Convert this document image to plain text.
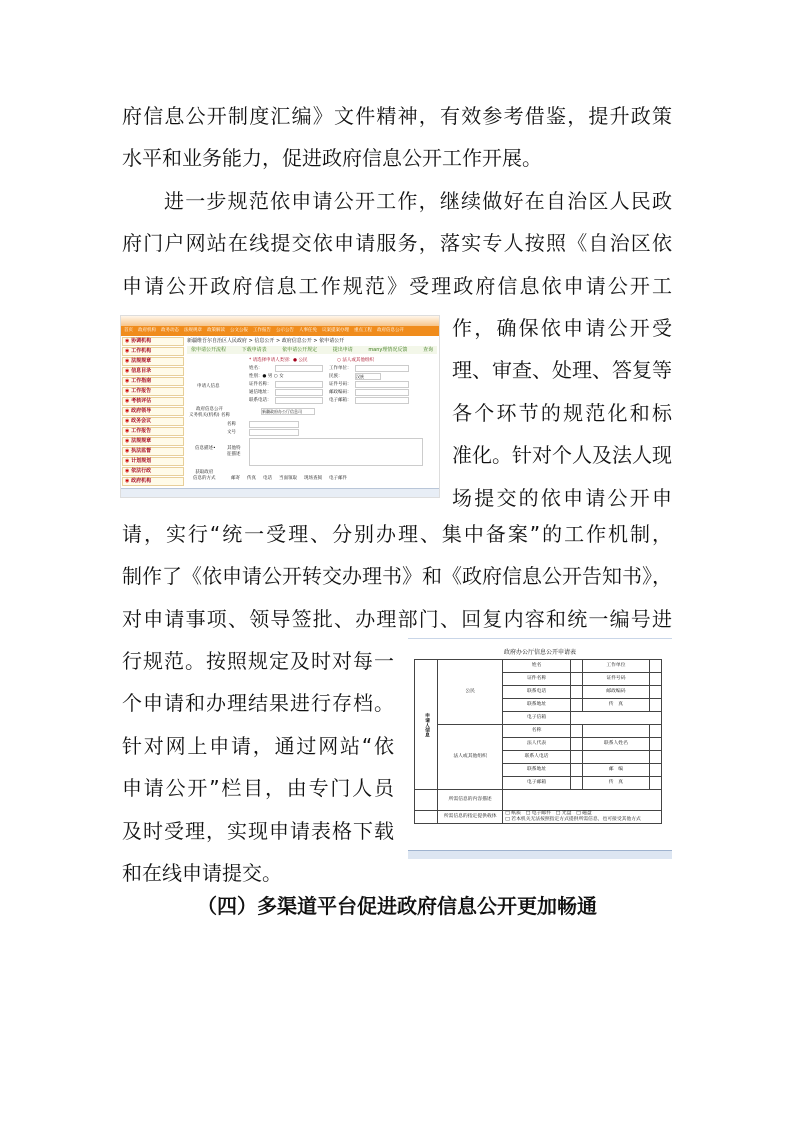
府信息公开制度汇编》文件精神，有效参考借鉴，提升政策
水平和业务能力，促进政府信息公开工作开展。
进一步规范依申请公开工作，继续做好在自治区人民政
府门户网站在线提交依申请服务，落实专人按照《自治区依
申请公开政府信息工作规范》受理政府信息依申请公开工
作，确保依申请公开受
理、审查、处理、答复等
各个环节的规范化和标
准化。针对个人及法人现
场提交的依申请公开申
请，实行“统一受理、分别办理、集中备案”的工作机制，
制作了《依申请公开转交办理书》和《政府信息公开告知书》，
对申请事项、领导签批、办理部门、回复内容和统一编号进
行规范。按照规定及时对每一
个申请和办理结果进行存档。
针对网上申请，通过网站“依
申请公开”栏目，由专门人员
及时受理，实现申请表格下载
和在线申请提交。
（四）多渠道平台促进政府信息公开更加畅通
首页 政府机构 政务动态 法规规章 政策解读 公文公报 工作报告 公示公告 人事任免 议案提案办理 重点工程 政府信息公开
◉ 协调机构
◉ 工作机构
◉ 法规规章
◉ 信息目录
◉ 工作指南
◉ 工作报告
◉ 考核评估
◉ 政府领导
◉ 政务会议
◉ 工作报告
◉ 法规规章
◉ 执法监督
◉ 计划规划
◉ 依法行政
◉ 政府机构
新疆维吾尔自治区人民政府 > 信息公开 > 政府信息公开 > 依申请公开
依申请公开流程	下载申请表	依申请公开规定	提出申请	many理情况反馈	查询
* 请选择申请人类别：● 公民	○ 法人或其他组织
申请人信息
姓名：	工作单位：
性别：● 男 ○ 女	民族：	汉族
证件名称：	证件号码：
通信地址：	邮政编码：
联系电话：	电子邮箱：
政府信息公开
义务机关(机构) 名称
新疆政府办公厅信息司
名称
文号
信息描述•	其他特
征描述
获取政府
信息的方式	邮寄 传真 电话 当面领取 现场查阅 电子邮件
政府办公厅信息公开申请表
申请人信息	公民	姓名		工作单位	
		证件名称		证件号码	
		联系电话		邮政编码	
		联系地址		传　真	
		电子信箱			
	法人或其他组织	名称			
		法人代表		联系人姓名	
		联系人电话			
		联系地址		邮　编	
		电子邮箱		传　真	
	所需信息的内容描述				
	所需信息的指定提供载体	□ 纸质　□ 电子邮件　□ 光盘　□ 磁盘
□ 若本机关无法按照指定方式提供所需信息，也可接受其他方式			
